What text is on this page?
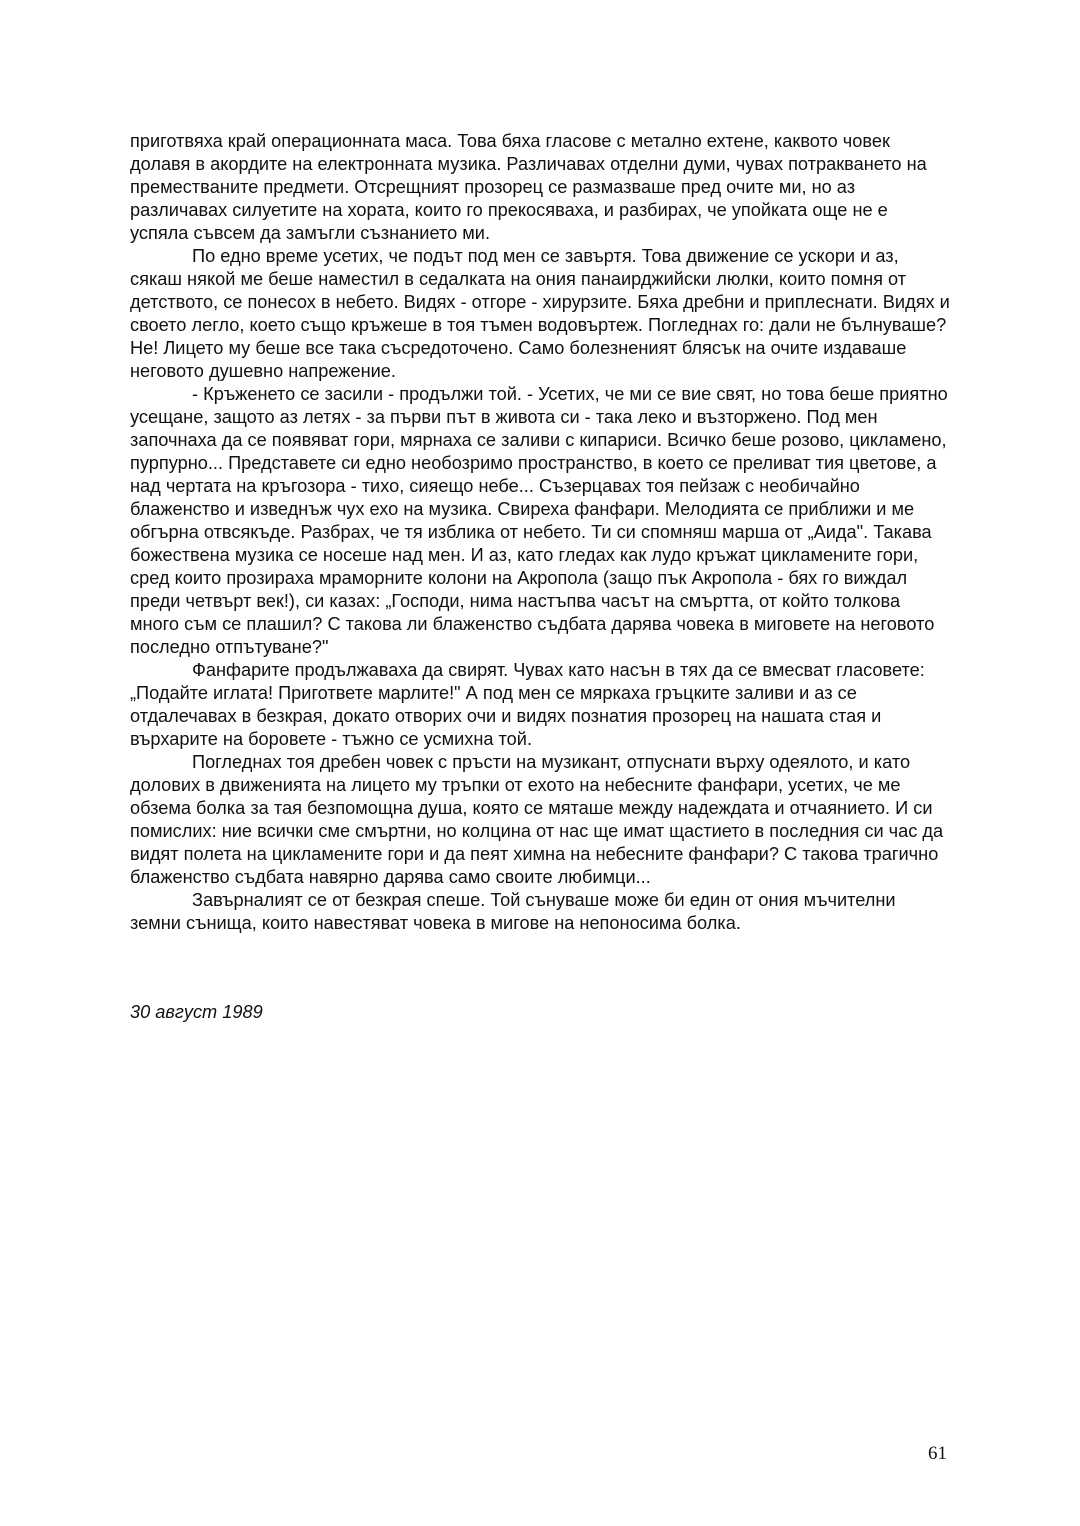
приготвяха край операционната маса. Това бяха гласове с метално ехтене, каквото човек долавя в акордите на електронната музика. Различавах отделни думи, чувах потракването на премествaните предмети. Отсрещният прозорец се размазваше пред очите ми, но аз различавах силуетите на хората, които го прекосяваха, и разбирах, че упойката още не е успяла съвсем да замъгли съзнанието ми.

По едно време усетих, че подът под мен се завъртя. Това движение се ускори и аз, сякаш някой ме беше наместил в седалката на ония панаирджийски люлки, които помня от детството, се понесох в небето. Видях - отгоре - хирурзите. Бяха дребни и приплеснати. Видях и своето легло, което също кръжеше в тоя тъмен водовъртеж. Погледнах го: дали не бълнуваше? Не! Лицето му беше все така съсредоточено. Само болезненият блясък на очите издаваше неговото душевно напрежение.

- Кръженето се засили - продължи той. - Усетих, че ми се вие свят, но това беше приятно усещане, защото аз летях - за първи път в живота си - така леко и възторжено. Под мен започнаха да се появяват гори, мярнаха се заливи с кипариси. Всичко беше розово, цикламено, пурпурно... Представете си едно необозримо пространство, в което се преливат тия цветове, а над чертата на кръгозора - тихо, сияещо небе... Съзерцавах тоя пейзаж с необичайно блаженство и изведнъж чух ехо на музика. Свиреха фанфари. Мелодията се приближи и ме обгърна отвсякъде. Разбрах, че тя изблика от небето. Ти си спомняш марша от „Аида". Такава божествена музика се носеше над мен. И аз, като гледах как лудо кръжат цикламените гори, сред които прозираха мраморните колони на Акропола (защо пък Акропола - бях го виждал преди четвърт век!), си казах: „Господи, нима настъпва часът на смъртта, от който толкова много съм се плашил? С такова ли блаженство съдбата дарява човека в миговете на неговото последно отпътуване?"

Фанфарите продължаваха да свирят. Чувах като насън в тях да се вмесват гласовете: „Подайте иглата! Пригответе марлите!" А под мен се мяркаха гръцките заливи и аз се отдалечавах в безкрая, докато отворих очи и видях познатия прозорец на нашата стая и върхарите на боровете - тъжно се усмихна той.

Погледнах тоя дребен човек с пръсти на музикант, отпуснати върху одеялото, и като долових в движенията на лицето му тръпки от ехото на небесните фанфари, усетих, че ме обзема болка за тая безпомощна душа, която се мяташе между надеждата и отчаянието. И си помислих: ние всички сме смъртни, но колцина от нас ще имат щастието в последния си час да видят полета на цикламените гори и да пеят химна на небесните фанфари? С такова трагично блаженство съдбата навярно дарява само своите любимци...

Завърналият се от безкрая спеше. Той сънуваше може би един от ония мъчителни земни сънища, които навестяват човека в мигове на непоносима болка.

30 август 1989
61
